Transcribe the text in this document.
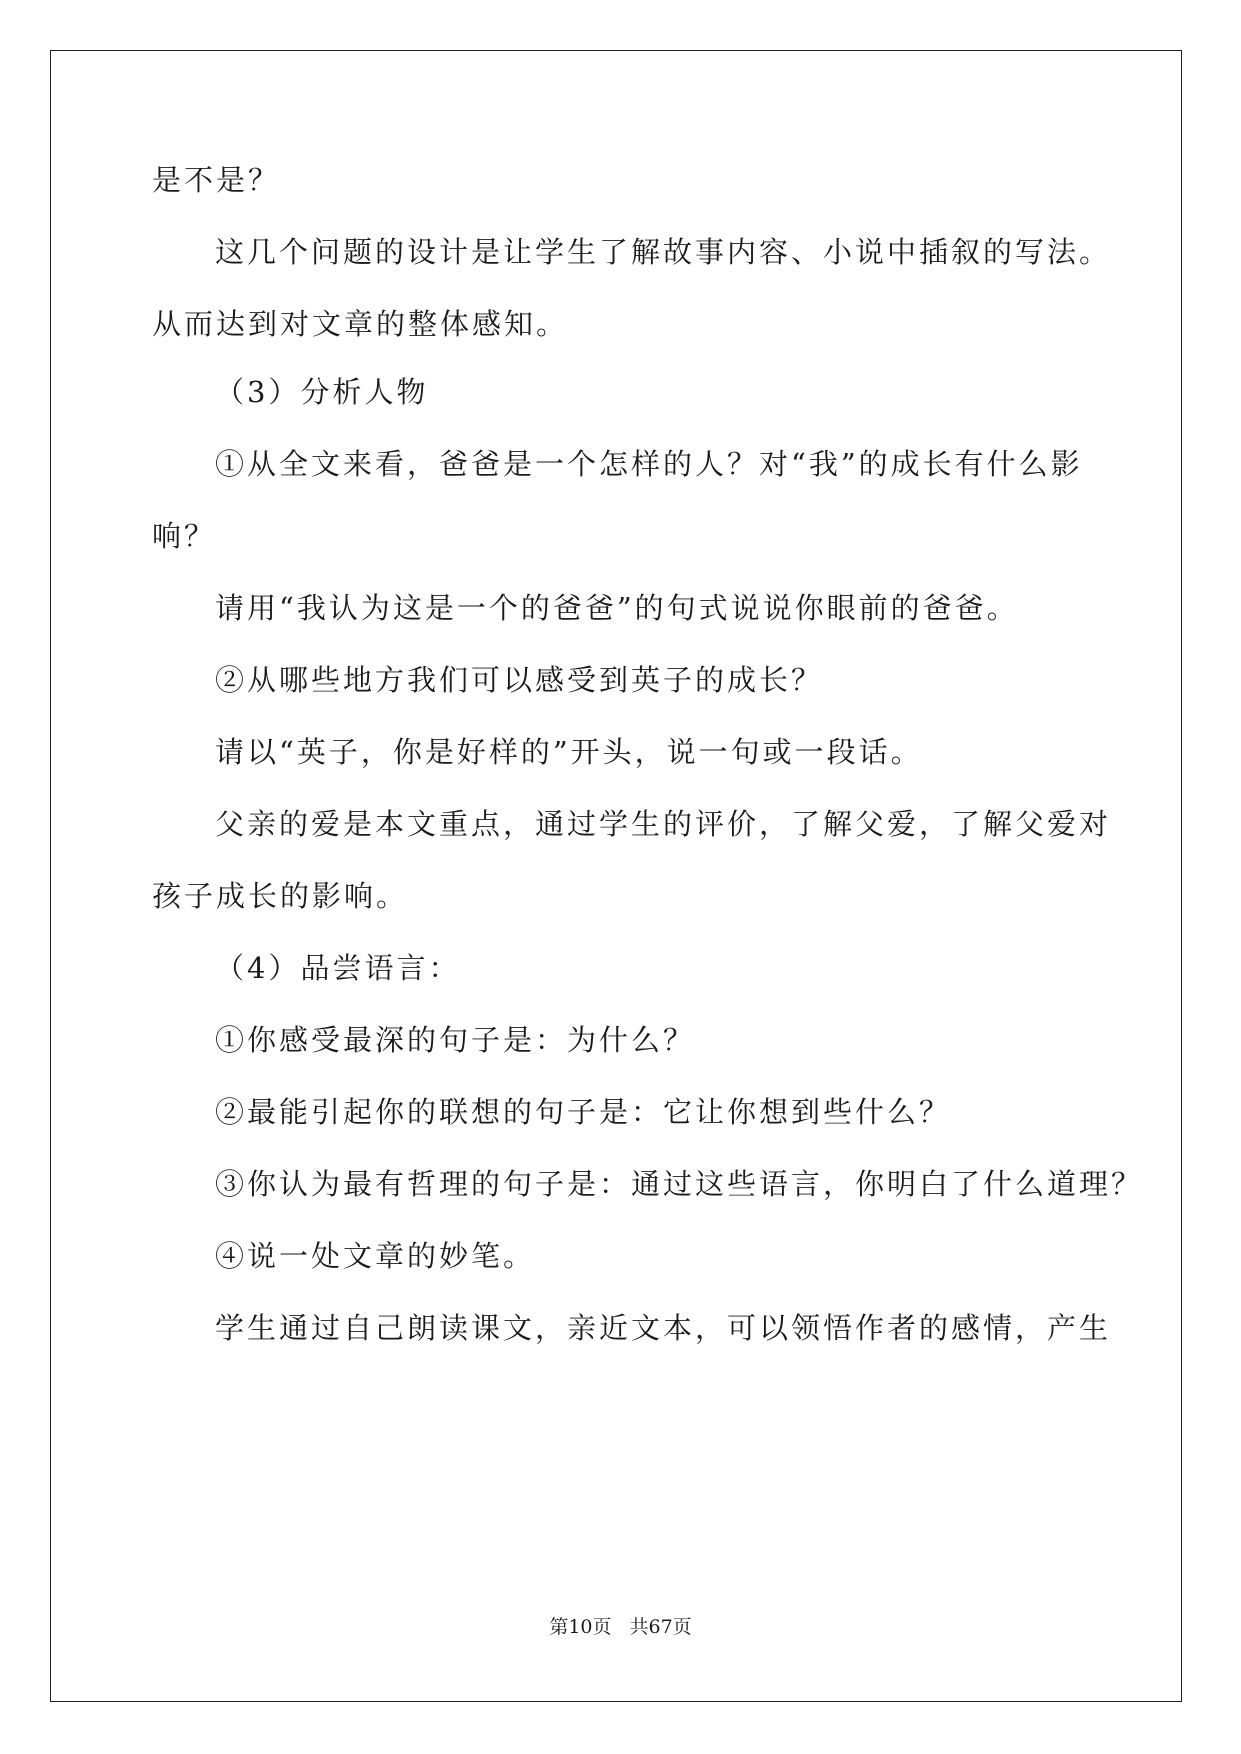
是不是？
这几个问题的设计是让学生了解故事内容、小说中插叙的写法。
从而达到对文章的整体感知。
（3）分析人物
①从全文来看，爸爸是一个怎样的人？对“我”的成长有什么影
响？
请用“我认为这是一个的爸爸”的句式说说你眼前的爸爸。
②从哪些地方我们可以感受到英子的成长？
请以“英子，你是好样的”开头，说一句或一段话。
父亲的爱是本文重点，通过学生的评价，了解父爱，了解父爱对
孩子成长的影响。
（4）品尝语言：
①你感受最深的句子是：为什么？
②最能引起你的联想的句子是：它让你想到些什么？
③你认为最有哲理的句子是：通过这些语言，你明白了什么道理？
④说一处文章的妙笔。
学生通过自己朗读课文，亲近文本，可以领悟作者的感情，产生
第10页 共67页
